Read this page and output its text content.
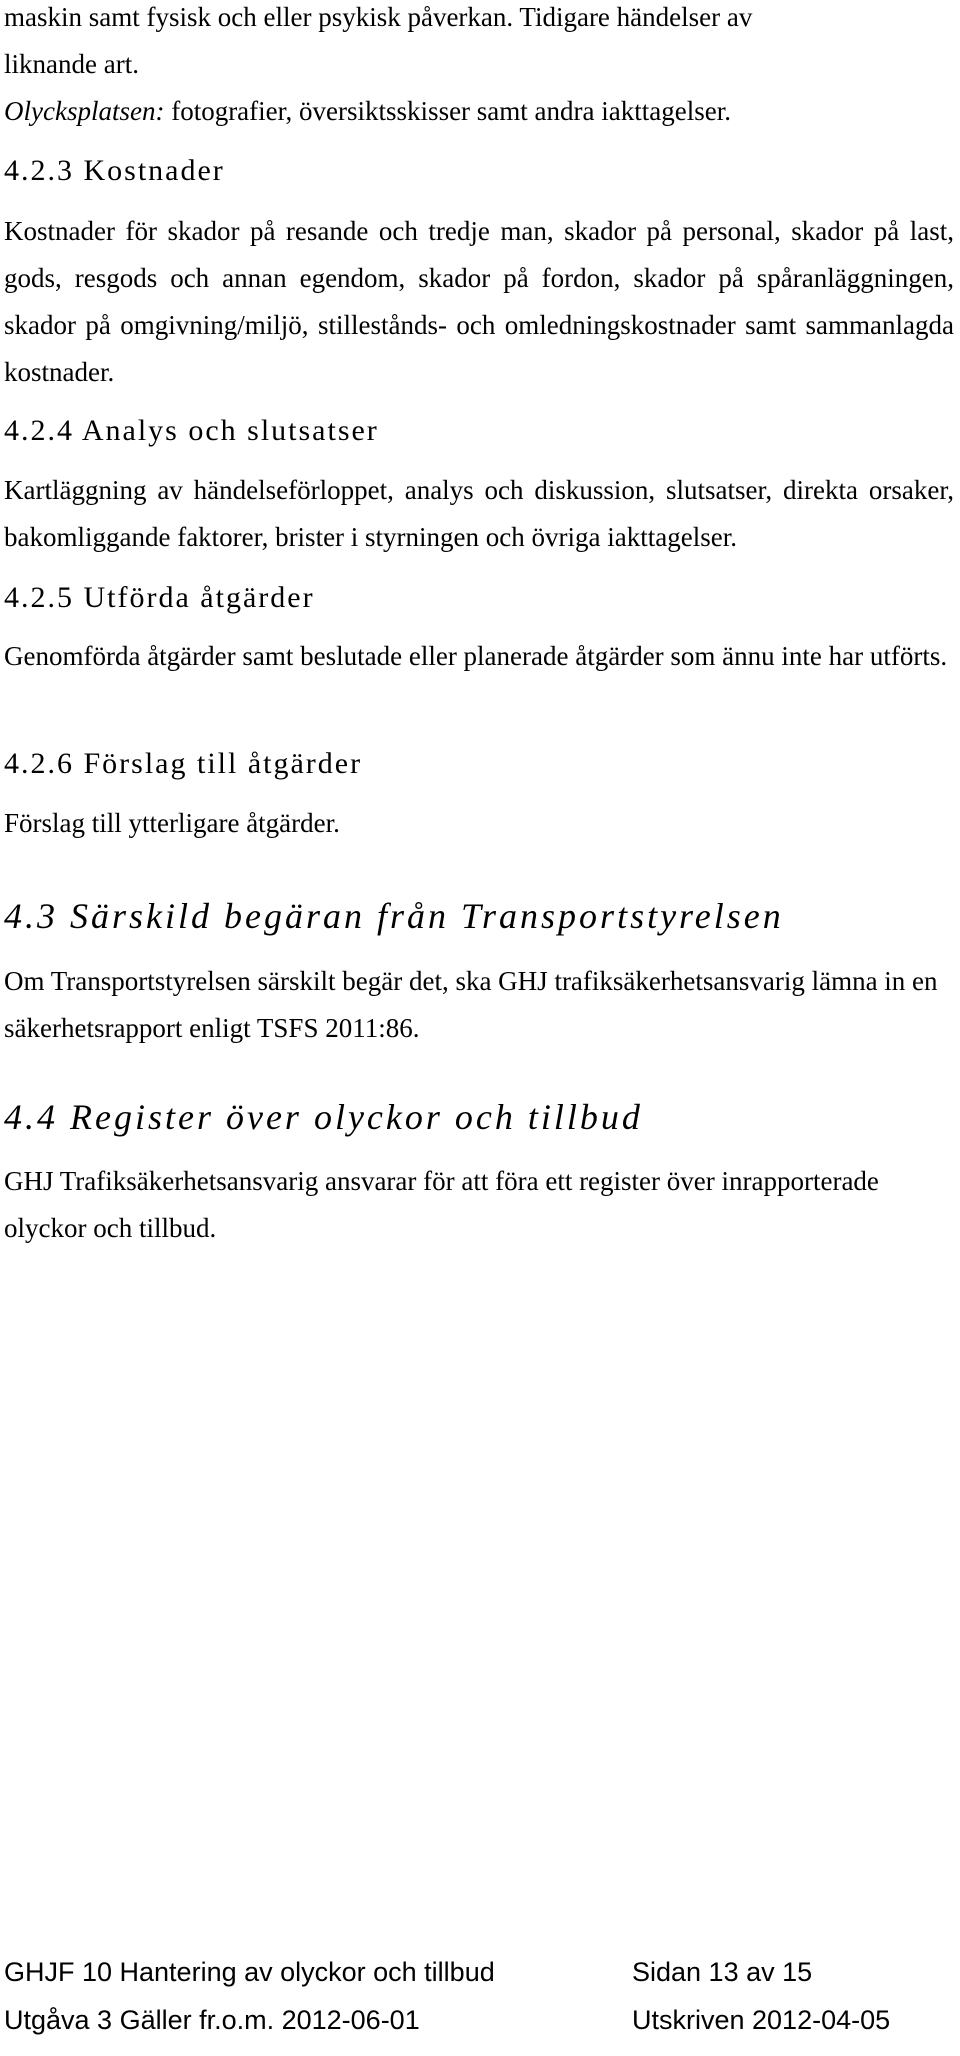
maskin samt fysisk och eller psykisk påverkan. Tidigare händelser av

liknande art.

Olycksplatsen: fotografier, översiktsskisser samt andra iakttagelser.

4.2.3 Kostnader

Kostnader för skador på resande och tredje man, skador på personal, skador på last, gods, resgods och annan egendom, skador på fordon, skador på spåranläggningen, skador på omgivning/miljö, stillestånds- och omledningskostnader samt sammanlagda kostnader.

4.2.4 Analys och slutsatser

Kartläggning av händelseförloppet, analys och diskussion, slutsatser, direkta orsaker, bakomliggande faktorer, brister i styrningen och övriga iakttagelser.

4.2.5 Utförda åtgärder

Genomförda åtgärder samt beslutade eller planerade åtgärder som ännu inte har utförts.

4.2.6 Förslag till åtgärder

Förslag till ytterligare åtgärder.

4.3 Särskild begäran från Transportstyrelsen

Om Transportstyrelsen särskilt begär det, ska GHJ trafiksäkerhetsansvarig lämna in en säkerhetsrapport enligt TSFS 2011:86.

4.4 Register över olyckor och tillbud

GHJ Trafiksäkerhetsansvarig ansvarar för att föra ett register över inrapporterade olyckor och tillbud.

GHJF 10 Hantering av olyckor och tillbud	Sidan 13 av 15
Utgåva 3 Gäller fr.o.m. 2012-06-01	Utskriven 2012-04-05
